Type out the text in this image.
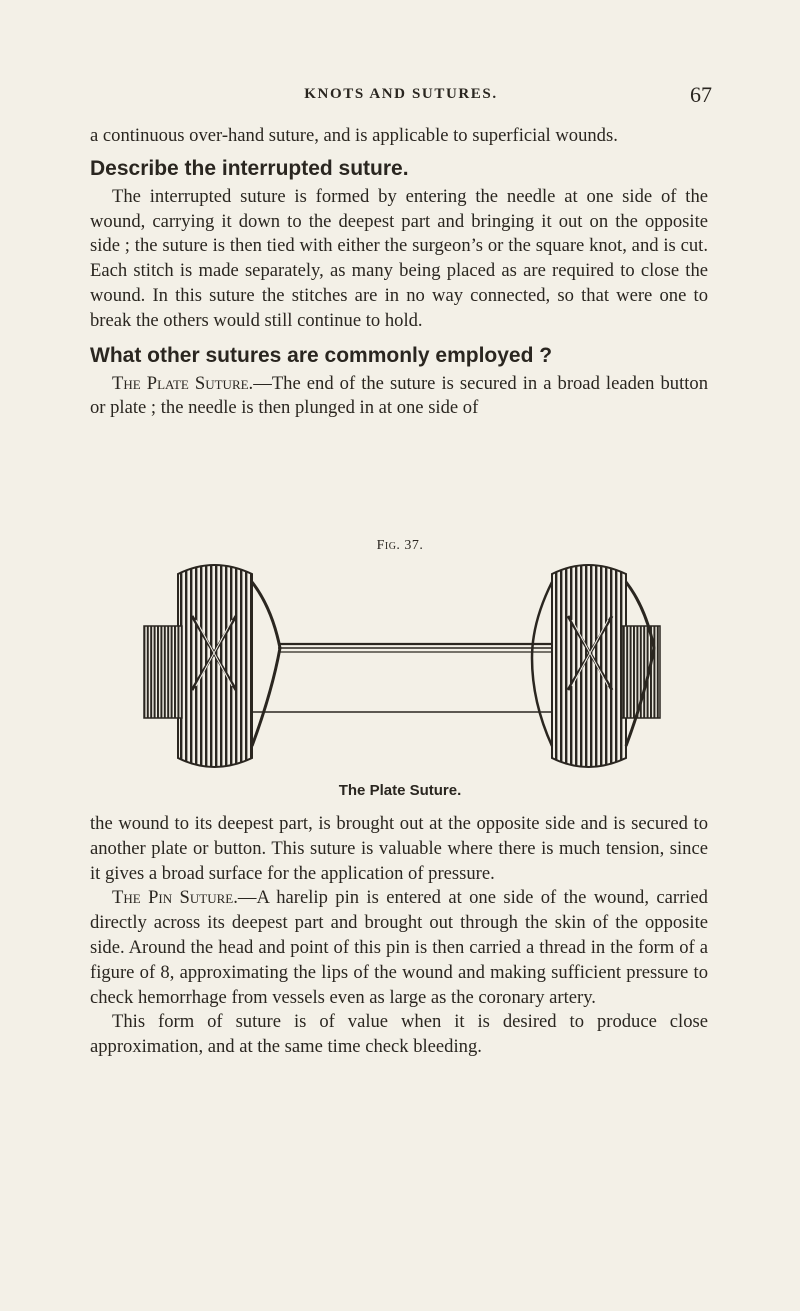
KNOTS AND SUTURES.	67

a continuous over-hand suture, and is applicable to superficial wounds.

Describe the interrupted suture.

The interrupted suture is formed by entering the needle at one side of the wound, carrying it down to the deepest part and bringing it out on the opposite side ; the suture is then tied with either the surgeon’s or the square knot, and is cut. Each stitch is made separately, as many being placed as are required to close the wound. In this suture the stitches are in no way connected, so that were one to break the others would still continue to hold.

What other sutures are commonly employed ?

The Plate Suture.—The end of the suture is secured in a broad leaden button or plate ; the needle is then plunged in at one side of

Fig. 37.
The Plate Suture.

the wound to its deepest part, is brought out at the opposite side and is secured to another plate or button. This suture is valuable where there is much tension, since it gives a broad surface for the application of pressure.

The Pin Suture.—A harelip pin is entered at one side of the wound, carried directly across its deepest part and brought out through the skin of the opposite side. Around the head and point of this pin is then carried a thread in the form of a figure of 8, approximating the lips of the wound and making sufficient pressure to check hemorrhage from vessels even as large as the coronary artery.

This form of suture is of value when it is desired to produce close approximation, and at the same time check bleeding.
